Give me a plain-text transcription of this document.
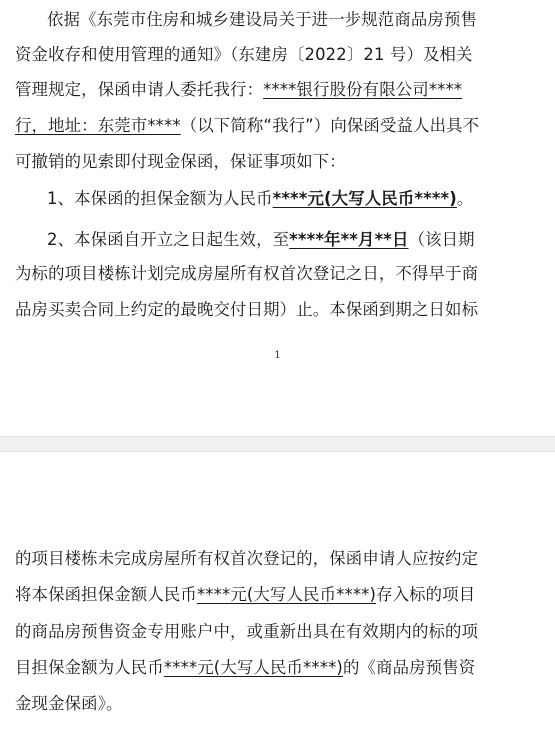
依据《东莞市住房和城乡建设局关于进一步规范商品房预售
资金收存和使用管理的通知》（东建房〔2022〕21 号）及相关
管理规定，保函申请人委托我行：****银行股份有限公司****
行，地址：东莞市****（以下简称“我行”）向保函受益人出具不
可撤销的见索即付现金保函，保证事项如下：
1、本保函的担保金额为人民币****元(大写人民币****)。
2、本保函自开立之日起生效，至****年**月**日（该日期
为标的项目楼栋计划完成房屋所有权首次登记之日，不得早于商
品房买卖合同上约定的最晚交付日期）止。本保函到期之日如标
1
的项目楼栋未完成房屋所有权首次登记的，保函申请人应按约定
将本保函担保金额人民币****元(大写人民币****)存入标的项目
的商品房预售资金专用账户中，或重新出具在有效期内的标的项
目担保金额为人民币****元(大写人民币****)的《商品房预售资
金现金保函》。
